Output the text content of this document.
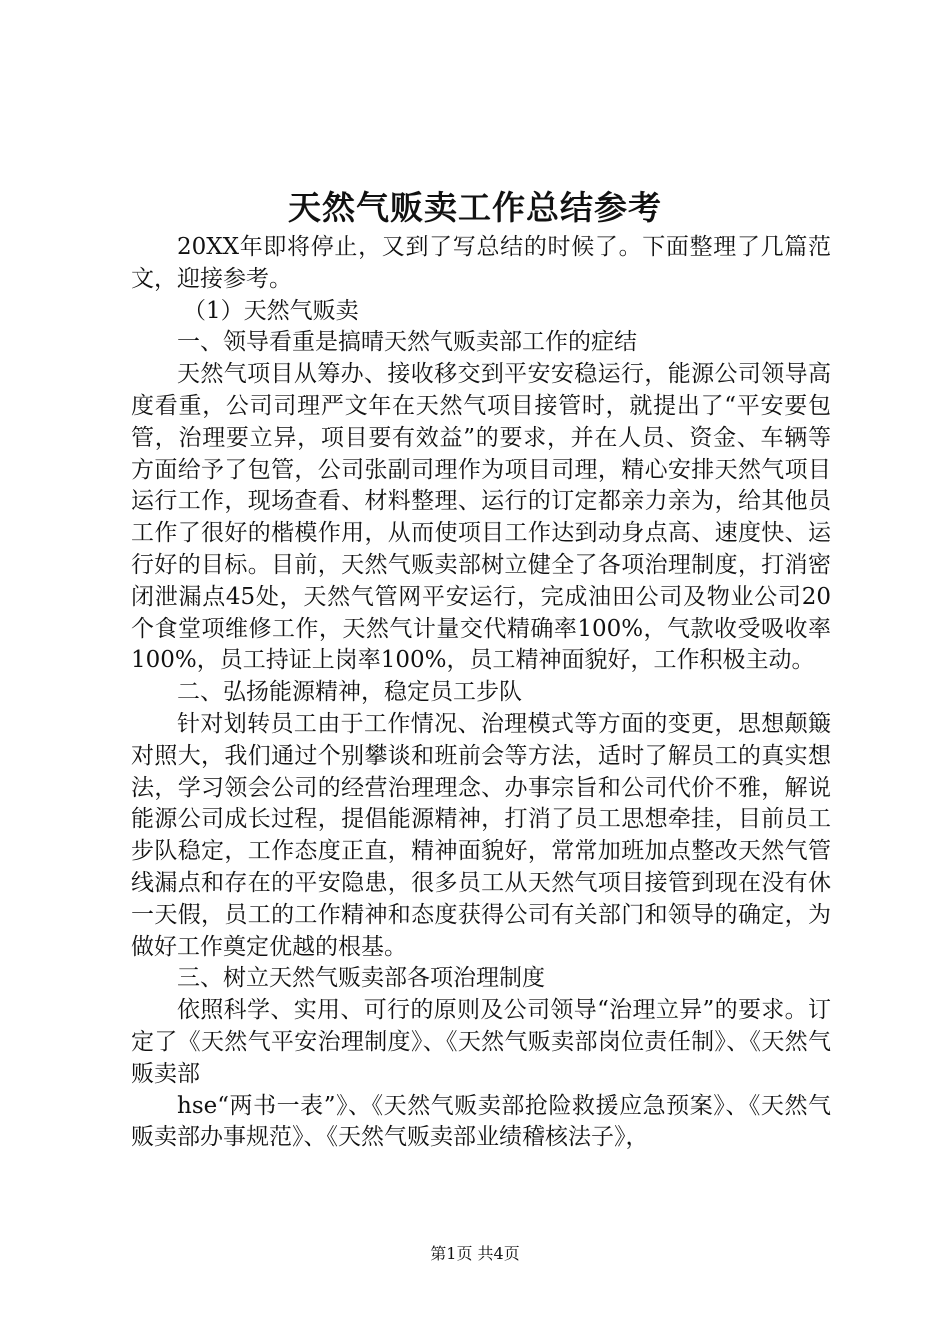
天然气贩卖工作总结参考

20XX年即将停止，又到了写总结的时候了。下面整理了几篇范文，迎接参考。

（1）天然气贩卖

一、领导看重是搞晴天然气贩卖部工作的症结

天然气项目从筹办、接收移交到平安安稳运行，能源公司领导高度看重，公司司理严文年在天然气项目接管时，就提出了“平安要包管，治理要立异，项目要有效益”的要求，并在人员、资金、车辆等方面给予了包管，公司张副司理作为项目司理，精心安排天然气项目运行工作，现场查看、材料整理、运行的订定都亲力亲为，给其他员工作了很好的楷模作用，从而使项目工作达到动身点高、速度快、运行好的目标。目前，天然气贩卖部树立健全了各项治理制度，打消密闭泄漏点45处，天然气管网平安运行，完成油田公司及物业公司20个食堂项维修工作，天然气计量交代精确率100%，气款收受吸收率100%，员工持证上岗率100%，员工精神面貌好，工作积极主动。

二、弘扬能源精神，稳定员工步队

针对划转员工由于工作情况、治理模式等方面的变更，思想颠簸对照大，我们通过个别攀谈和班前会等方法，适时了解员工的真实想法，学习领会公司的经营治理理念、办事宗旨和公司代价不雅，解说能源公司成长过程，提倡能源精神，打消了员工思想牵挂，目前员工步队稳定，工作态度正直，精神面貌好，常常加班加点整改天然气管线漏点和存在的平安隐患，很多员工从天然气项目接管到现在没有休一天假，员工的工作精神和态度获得公司有关部门和领导的确定，为做好工作奠定优越的根基。

三、树立天然气贩卖部各项治理制度

依照科学、实用、可行的原则及公司领导“治理立异”的要求。订定了《天然气平安治理制度》、《天然气贩卖部岗位责任制》、《天然气贩卖部

hse“两书一表”》、《天然气贩卖部抢险救援应急预案》、《天然气贩卖部办事规范》、《天然气贩卖部业绩稽核法子》，

第1页 共4页
